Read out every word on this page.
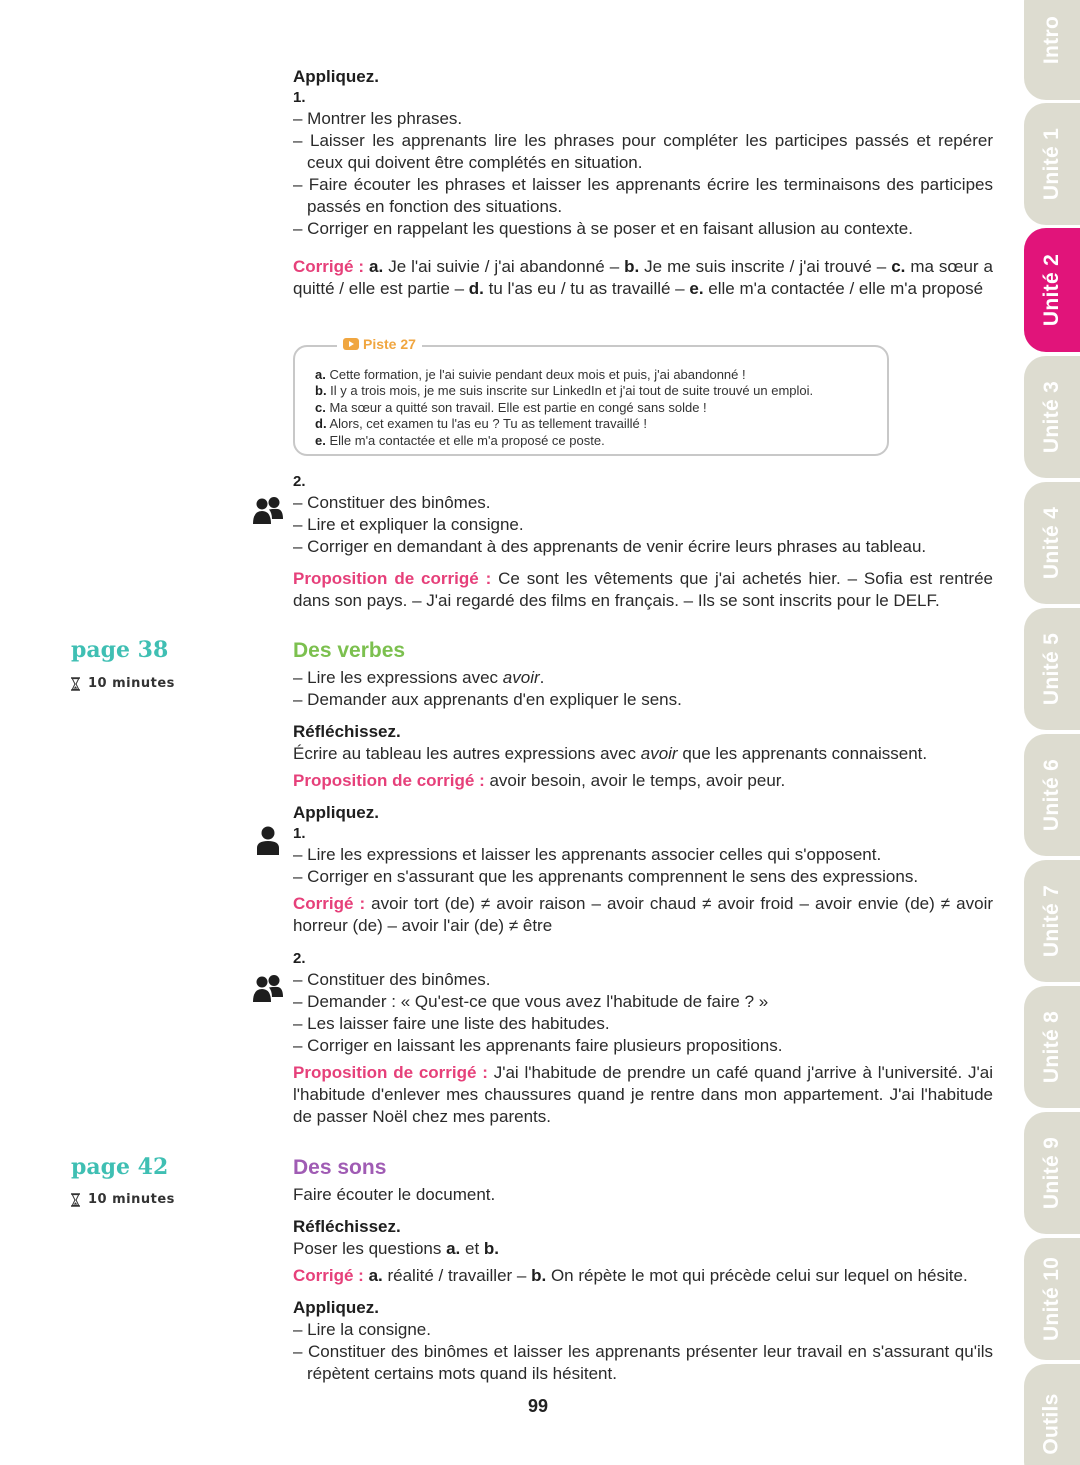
Appliquez.
1.
– Montrer les phrases.
– Laisser les apprenants lire les phrases pour compléter les participes passés et repérer ceux qui doivent être complétés en situation.
– Faire écouter les phrases et laisser les apprenants écrire les terminaisons des participes passés en fonction des situations.
– Corriger en rappelant les questions à se poser et en faisant allusion au contexte.

Corrigé : a. Je l'ai suivie / j'ai abandonné – b. Je me suis inscrite / j'ai trouvé – c. ma sœur a quitté / elle est partie – d. tu l'as eu / tu as travaillé – e. elle m'a contactée / elle m'a proposé

Piste 27
a. Cette formation, je l'ai suivie pendant deux mois et puis, j'ai abandonné !
b. Il y a trois mois, je me suis inscrite sur LinkedIn et j'ai tout de suite trouvé un emploi.
c. Ma sœur a quitté son travail. Elle est partie en congé sans solde !
d. Alors, cet examen tu l'as eu ? Tu as tellement travaillé !
e. Elle m'a contactée et elle m'a proposé ce poste.
2.
– Constituer des binômes.
– Lire et expliquer la consigne.
– Corriger en demandant à des apprenants de venir écrire leurs phrases au tableau.

Proposition de corrigé : Ce sont les vêtements que j'ai achetés hier. – Sofia est rentrée dans son pays. – J'ai regardé des films en français. – Ils se sont inscrits pour le DELF.

page 38
10 minutes
Des verbes
– Lire les expressions avec avoir.
– Demander aux apprenants d'en expliquer le sens.
Réfléchissez.
Écrire au tableau les autres expressions avec avoir que les apprenants connaissent.

Proposition de corrigé : avoir besoin, avoir le temps, avoir peur.

Appliquez.
1.
– Lire les expressions et laisser les apprenants associer celles qui s'opposent.
– Corriger en s'assurant que les apprenants comprennent le sens des expressions.

Corrigé : avoir tort (de) ≠ avoir raison – avoir chaud ≠ avoir froid – avoir envie (de) ≠ avoir horreur (de) – avoir l'air (de) ≠ être

2.
– Constituer des binômes.
– Demander : « Qu'est-ce que vous avez l'habitude de faire ? »
– Les laisser faire une liste des habitudes.
– Corriger en laissant les apprenants faire plusieurs propositions.

Proposition de corrigé : J'ai l'habitude de prendre un café quand j'arrive à l'université. J'ai l'habitude d'enlever mes chaussures quand je rentre dans mon appartement. J'ai l'habitude de passer Noël chez mes parents.

page 42
10 minutes
Des sons
Faire écouter le document.
Réfléchissez.
Poser les questions a. et b.

Corrigé : a. réalité / travailler – b. On répète le mot qui précède celui sur lequel on hésite.

Appliquez.
– Lire la consigne.
– Constituer des binômes et laisser les apprenants présenter leur travail en s'assurant qu'ils répètent certains mots quand ils hésitent.
99
Intro
Unité 1
Unité 2
Unité 3
Unité 4
Unité 5
Unité 6
Unité 7
Unité 8
Unité 9
Unité 10
Outils
